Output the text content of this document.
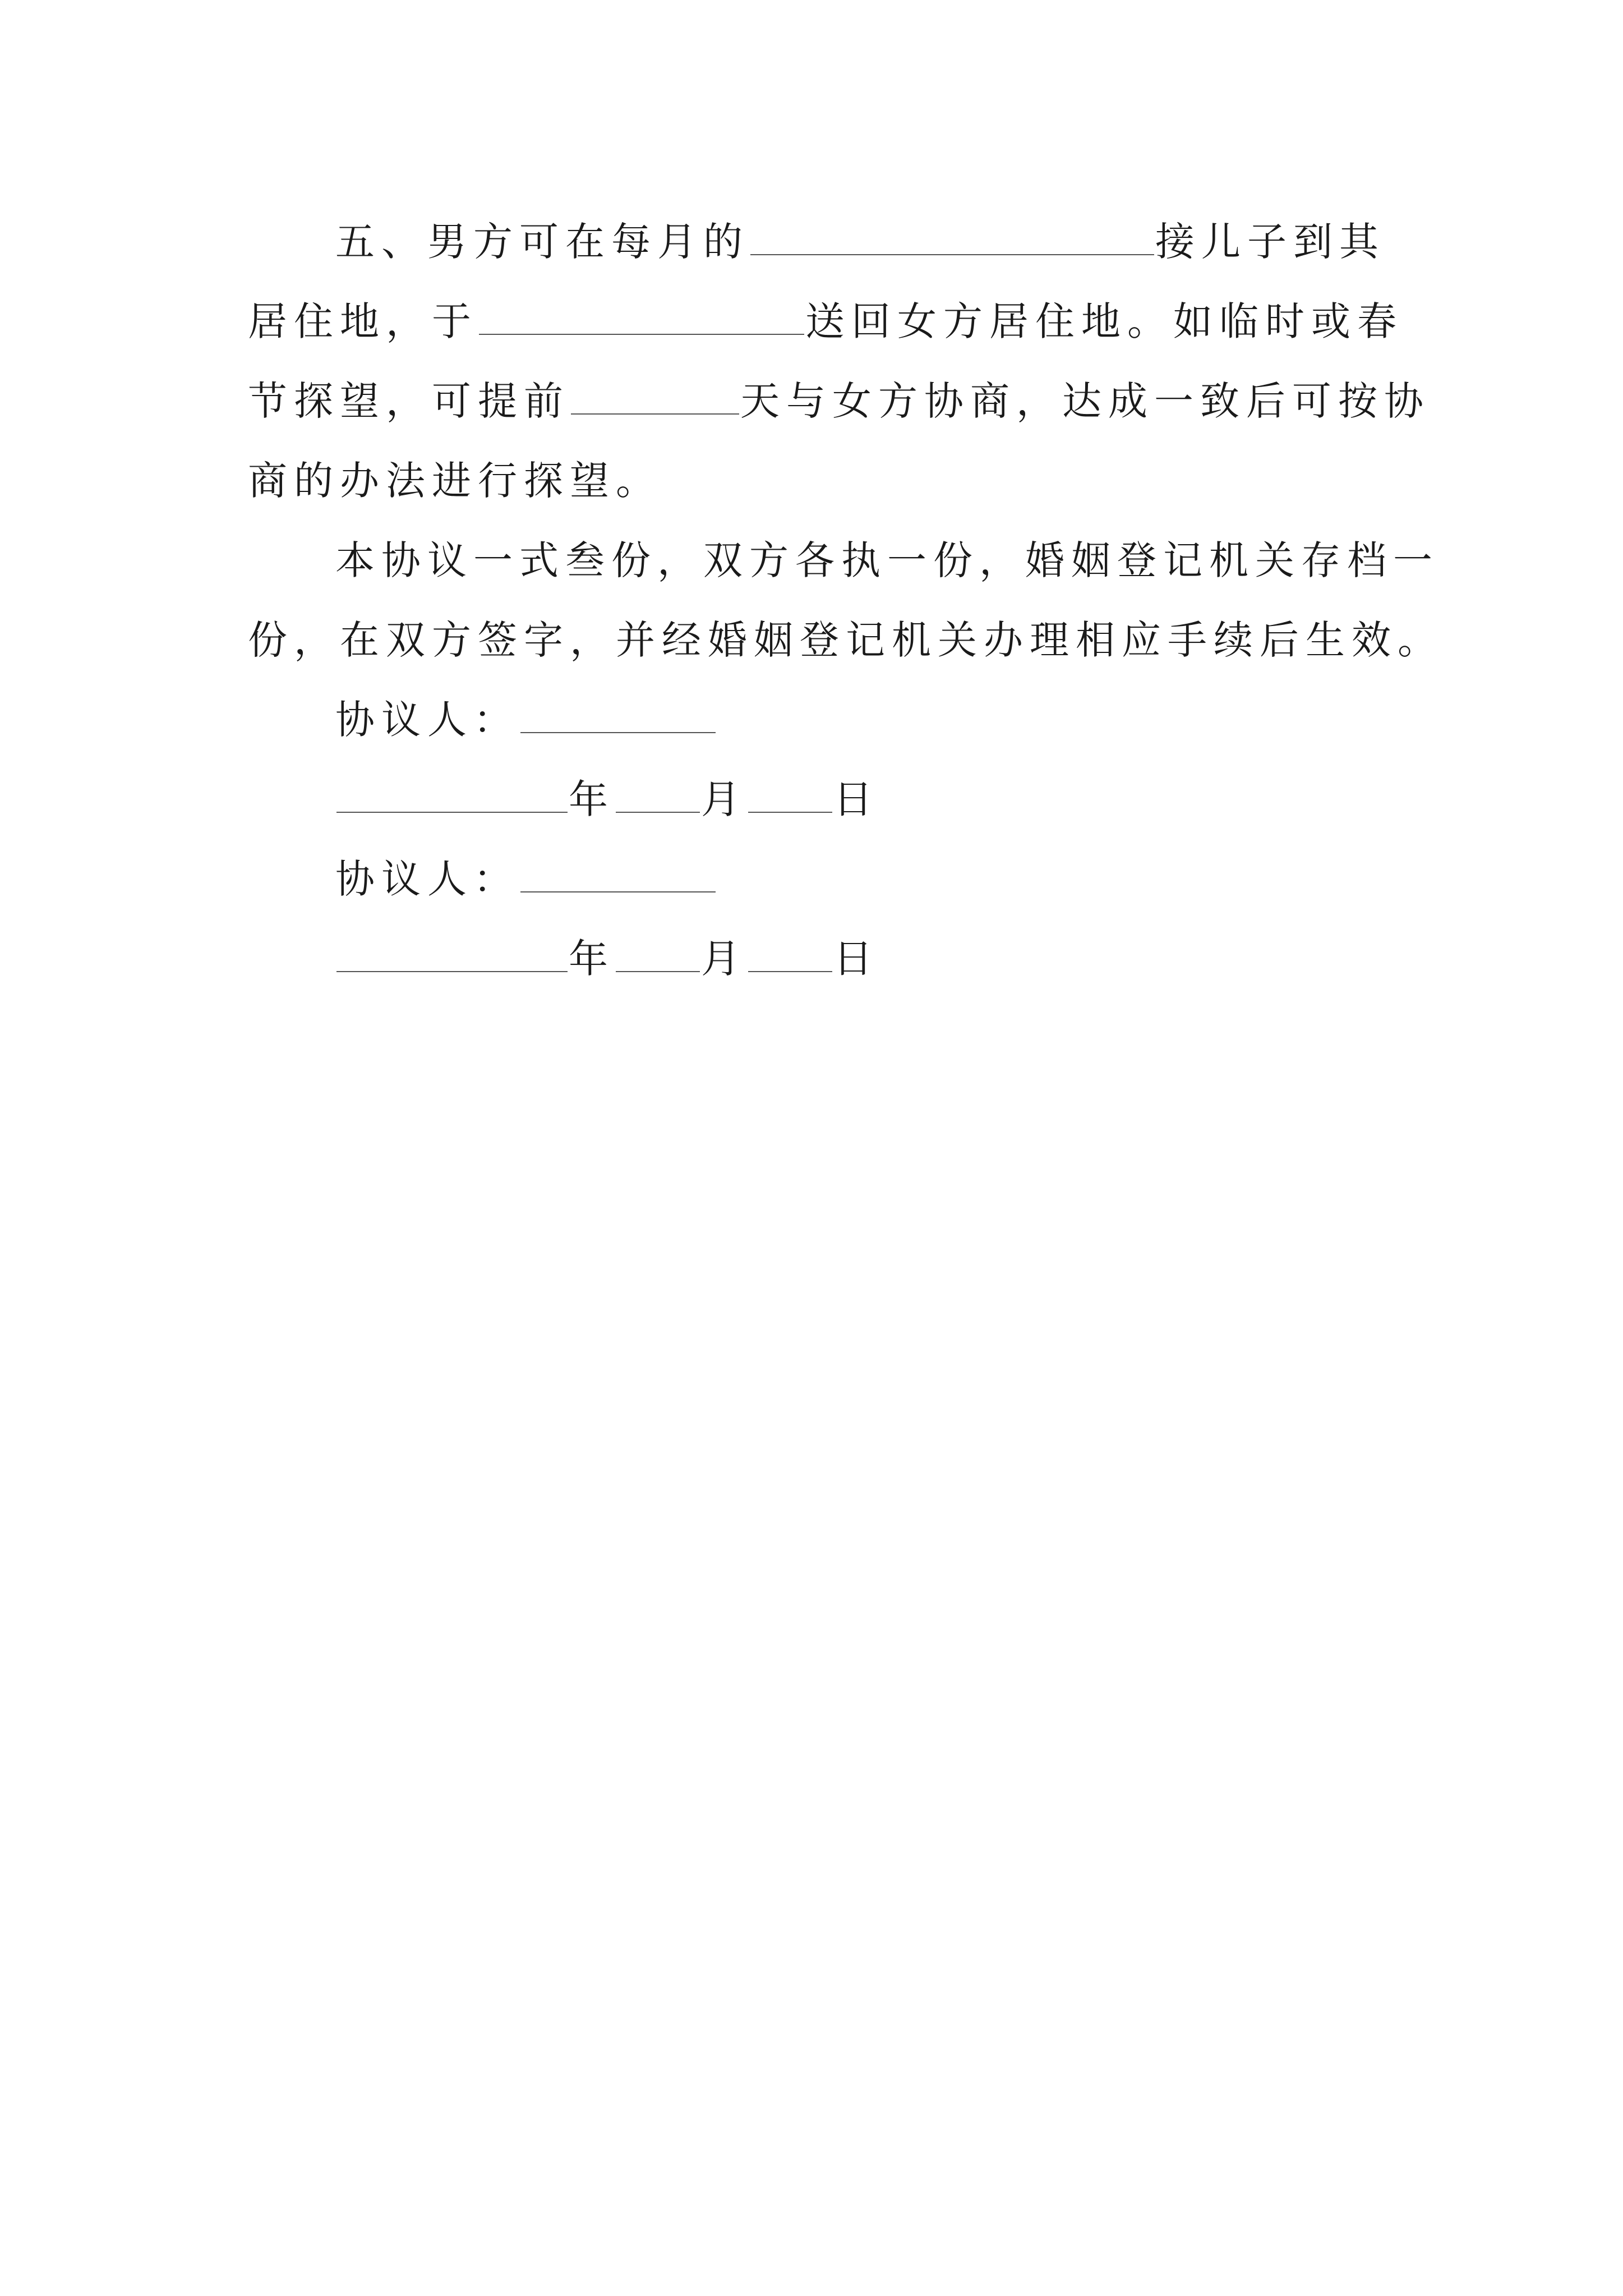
五、男方可在每月的	接儿子到其
居住地，于	送回女方居住地。如临时或春
节探望，可提前	天与女方协商，达成一致后可按协
商的办法进行探望。
本协议一式叁份，双方各执一份，婚姻登记机关存档一
份，在双方签字，并经婚姻登记机关办理相应手续后生效。
协议人：
年 月 日
协议人：
年 月 日
